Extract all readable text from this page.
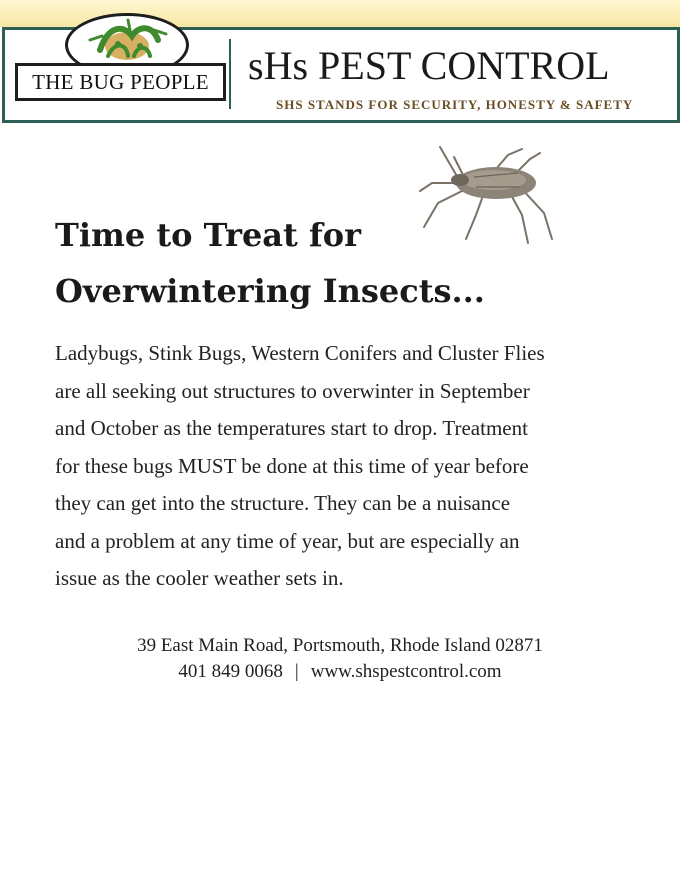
THE BUG PEOPLE sHs PEST CONTROL
SHS STANDS FOR SECURITY, HONESTY & SAFETY
Time to Treat for
Overwintering Insects...

Ladybugs, Stink Bugs, Western Conifers and Cluster Flies
are all seeking out structures to overwinter in September
and October as the temperatures start to drop. Treatment
for these bugs MUST be done at this time of year before
they can get into the structure. They can be a nuisance
and a problem at any time of year, but are especially an
issue as the cooler weather sets in.

39 East Main Road, Portsmouth, Rhode Island 02871
401 849 0068 | www.shspestcontrol.com
